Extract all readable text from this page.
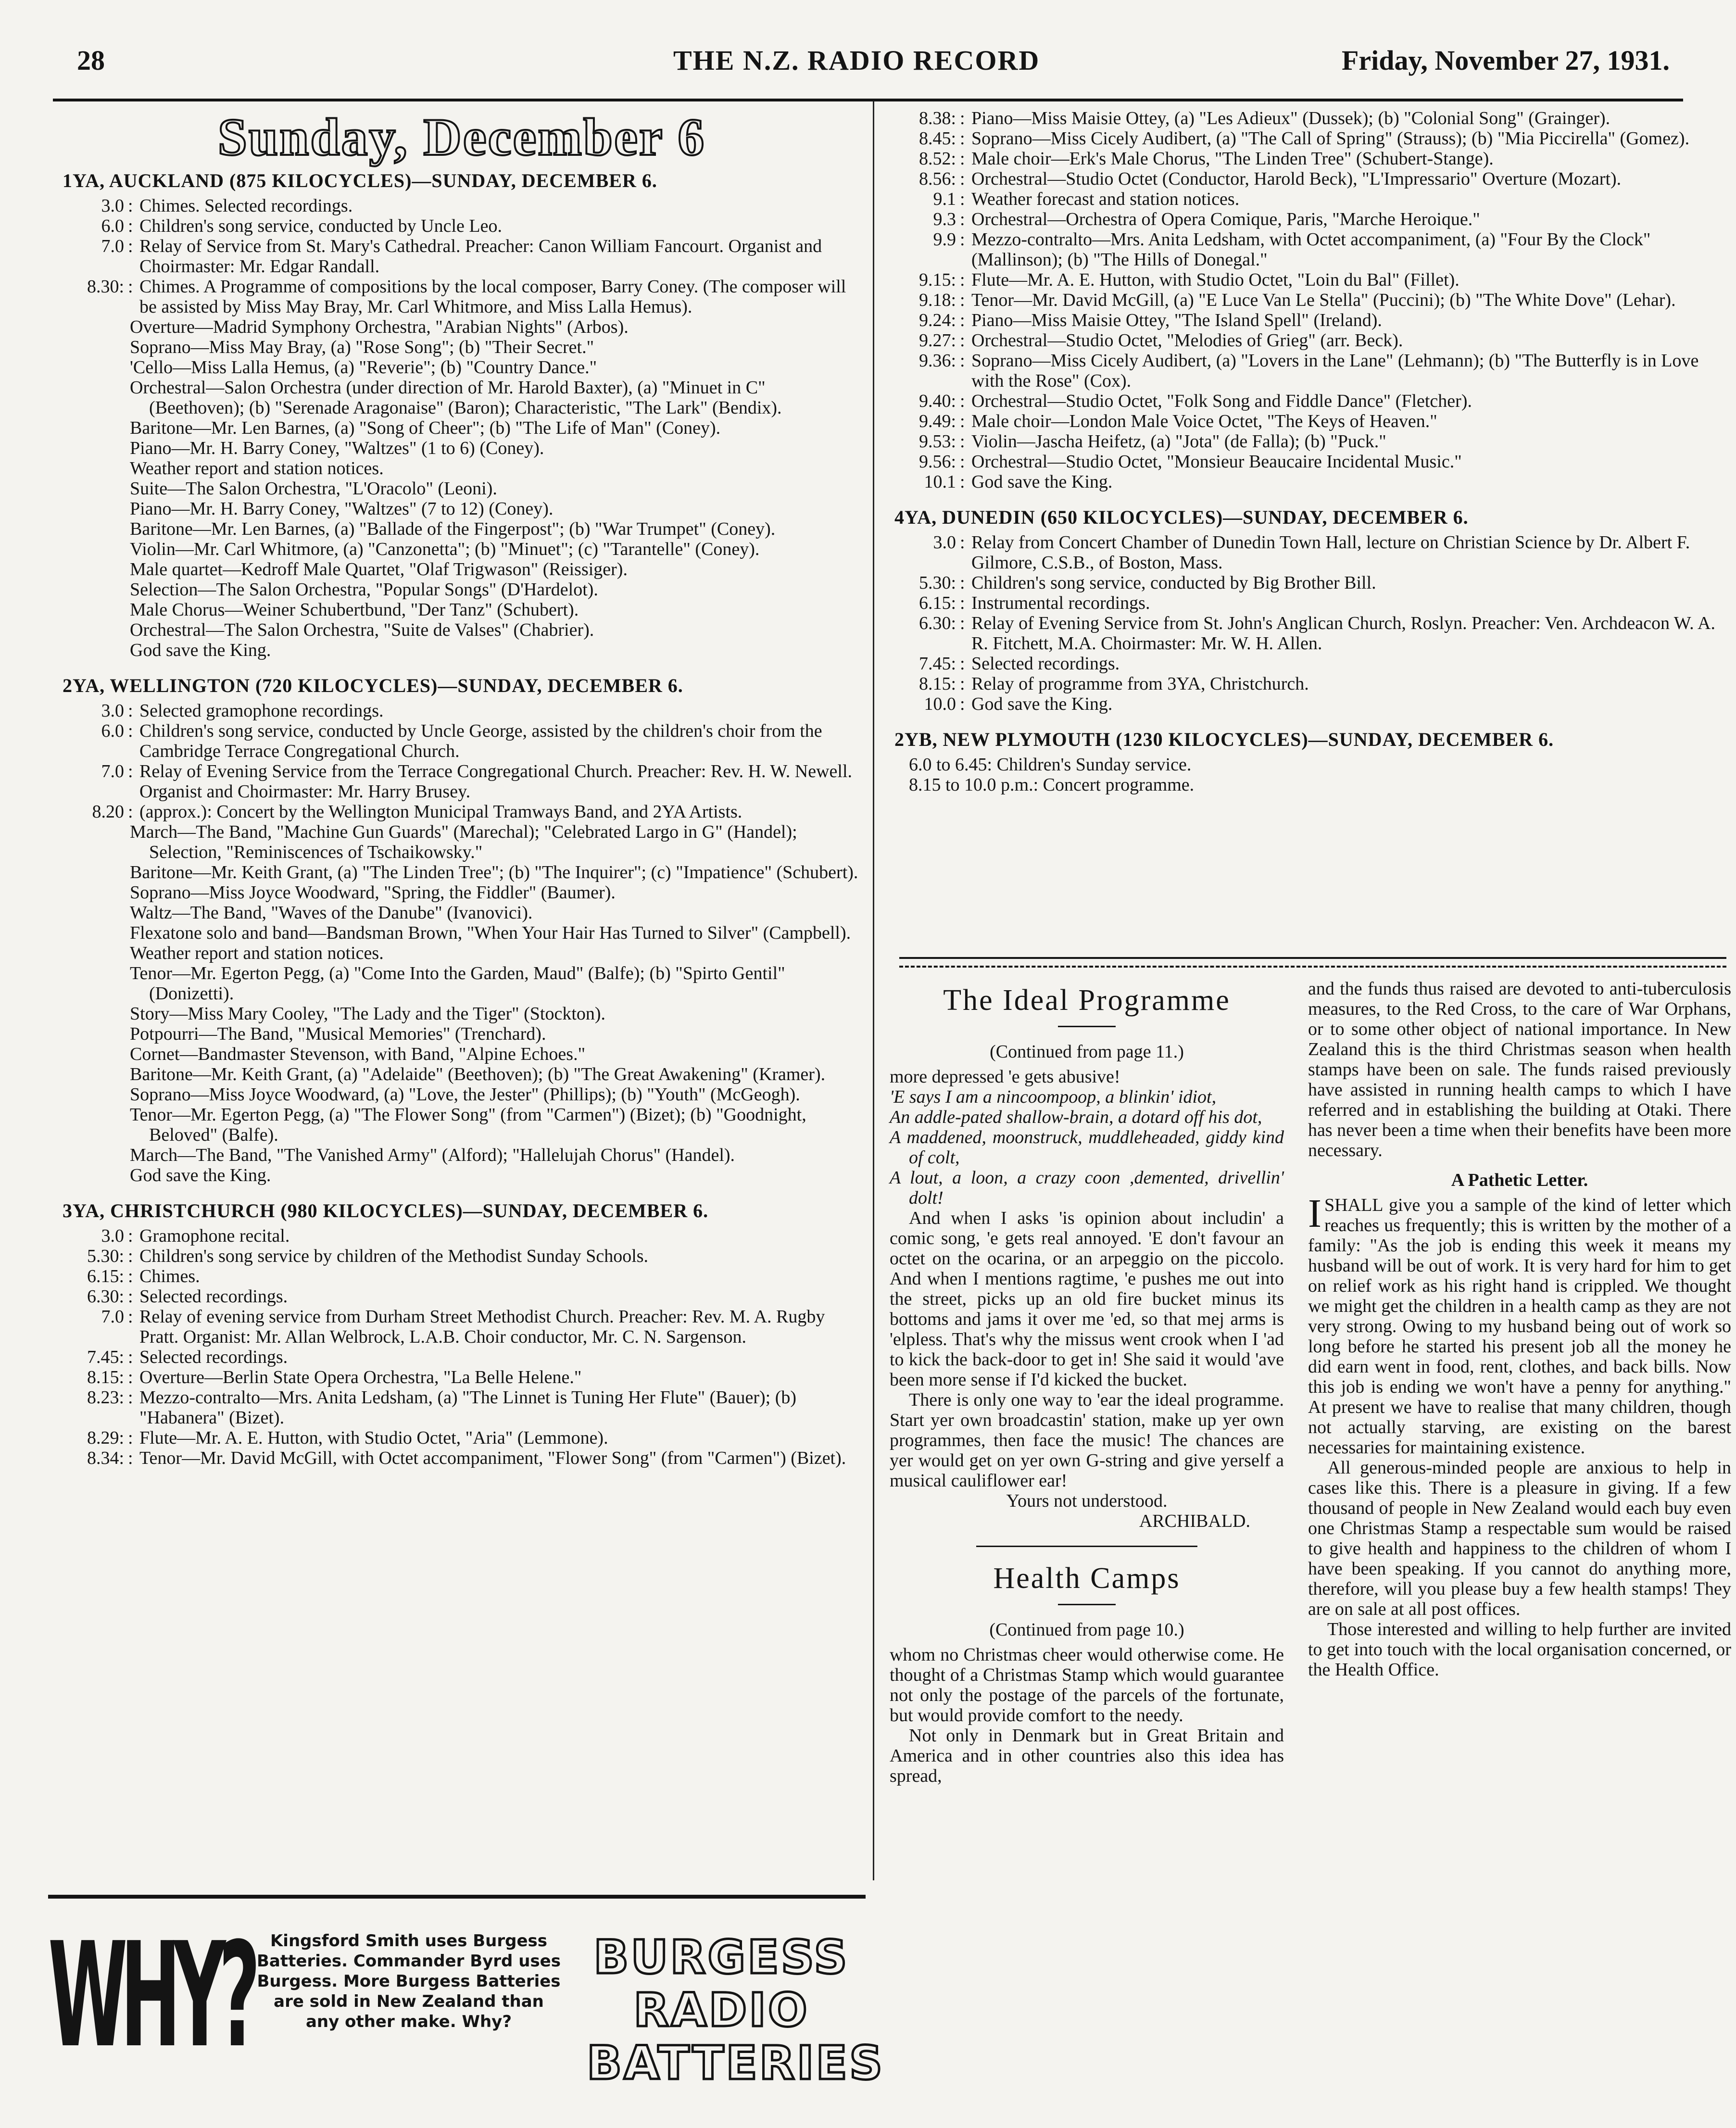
28	THE N.Z. RADIO RECORD	Friday, November 27, 1931.
Sunday, December 6
1YA, AUCKLAND (875 KILOCYCLES)—SUNDAY, DECEMBER 6.
3.0 : Chimes. Selected recordings.
6.0 : Children's song service, conducted by Uncle Leo.
7.0 : Relay of Service from St. Mary's Cathedral. Preacher: Canon William Fancourt. Organist and Choirmaster: Mr. Edgar Randall.
8.30: : Chimes. A Programme of compositions by the local composer, Barry Coney. (The composer will be assisted by Miss May Bray, Mr. Carl Whitmore, and Miss Lalla Hemus).
Overture—Madrid Symphony Orchestra, "Arabian Nights" (Arbos).
Soprano—Miss May Bray, (a) "Rose Song"; (b) "Their Secret."
'Cello—Miss Lalla Hemus, (a) "Reverie"; (b) "Country Dance."
Orchestral—Salon Orchestra (under direction of Mr. Harold Baxter), (a) "Minuet in C" (Beethoven); (b) "Serenade Aragonaise" (Baron); Characteristic, "The Lark" (Bendix).
Baritone—Mr. Len Barnes, (a) "Song of Cheer"; (b) "The Life of Man" (Coney).
Piano—Mr. H. Barry Coney, "Waltzes" (1 to 6) (Coney).
Weather report and station notices.
Suite—The Salon Orchestra, "L'Oracolo" (Leoni).
Piano—Mr. H. Barry Coney, "Waltzes" (7 to 12) (Coney).
Baritone—Mr. Len Barnes, (a) "Ballade of the Fingerpost"; (b) "War Trumpet" (Coney).
Violin—Mr. Carl Whitmore, (a) "Canzonetta"; (b) "Minuet"; (c) "Tarantelle" (Coney).
Male quartet—Kedroff Male Quartet, "Olaf Trigwason" (Reissiger).
Selection—The Salon Orchestra, "Popular Songs" (D'Hardelot).
Male Chorus—Weiner Schubertbund, "Der Tanz" (Schubert).
Orchestral—The Salon Orchestra, "Suite de Valses" (Chabrier).
God save the King.
2YA, WELLINGTON (720 KILOCYCLES)—SUNDAY, DECEMBER 6.
3.0 : Selected gramophone recordings.
6.0 : Children's song service, conducted by Uncle George, assisted by the children's choir from the Cambridge Terrace Congregational Church.
7.0 : Relay of Evening Service from the Terrace Congregational Church. Preacher: Rev. H. W. Newell. Organist and Choirmaster: Mr. Harry Brusey.
8.20 : (approx.): Concert by the Wellington Municipal Tramways Band, and 2YA Artists.
March—The Band, "Machine Gun Guards" (Marechal); "Celebrated Largo in G" (Handel); Selection, "Reminiscences of Tschaikowsky."
Baritone—Mr. Keith Grant, (a) "The Linden Tree"; (b) "The Inquirer"; (c) "Impatience" (Schubert).
Soprano—Miss Joyce Woodward, "Spring, the Fiddler" (Baumer).
Waltz—The Band, "Waves of the Danube" (Ivanovici).
Flexatone solo and band—Bandsman Brown, "When Your Hair Has Turned to Silver" (Campbell).
Weather report and station notices.
Tenor—Mr. Egerton Pegg, (a) "Come Into the Garden, Maud" (Balfe); (b) "Spirto Gentil" (Donizetti).
Story—Miss Mary Cooley, "The Lady and the Tiger" (Stockton).
Potpourri—The Band, "Musical Memories" (Trenchard).
Cornet—Bandmaster Stevenson, with Band, "Alpine Echoes."
Baritone—Mr. Keith Grant, (a) "Adelaide" (Beethoven); (b) "The Great Awakening" (Kramer).
Soprano—Miss Joyce Woodward, (a) "Love, the Jester" (Phillips); (b) "Youth" (McGeogh).
Tenor—Mr. Egerton Pegg, (a) "The Flower Song" (from "Carmen") (Bizet); (b) "Goodnight, Beloved" (Balfe).
March—The Band, "The Vanished Army" (Alford); "Hallelujah Chorus" (Handel).
God save the King.
3YA, CHRISTCHURCH (980 KILOCYCLES)—SUNDAY, DECEMBER 6.
3.0 : Gramophone recital.
5.30: : Children's song service by children of the Methodist Sunday Schools.
6.15: : Chimes.
6.30: : Selected recordings.
7.0 : Relay of evening service from Durham Street Methodist Church. Preacher: Rev. M. A. Rugby Pratt. Organist: Mr. Allan Welbrock, L.A.B. Choir conductor, Mr. C. N. Sargenson.
7.45: : Selected recordings.
8.15: : Overture—Berlin State Opera Orchestra, "La Belle Helene."
8.23: : Mezzo-contralto—Mrs. Anita Ledsham, (a) "The Linnet is Tuning Her Flute" (Bauer); (b) "Habanera" (Bizet).
8.29: : Flute—Mr. A. E. Hutton, with Studio Octet, "Aria" (Lemmone).
8.34: : Tenor—Mr. David McGill, with Octet accompaniment, "Flower Song" (from "Carmen") (Bizet).
8.38: : Piano—Miss Maisie Ottey, (a) "Les Adieux" (Dussek); (b) "Colonial Song" (Grainger).
8.45: : Soprano—Miss Cicely Audibert, (a) "The Call of Spring" (Strauss); (b) "Mia Piccirella" (Gomez).
8.52: : Male choir—Erk's Male Chorus, "The Linden Tree" (Schubert-Stange).
8.56: : Orchestral—Studio Octet (Conductor, Harold Beck), "L'Impressario" Overture (Mozart).
9.1 : Weather forecast and station notices.
9.3 : Orchestral—Orchestra of Opera Comique, Paris, "Marche Heroique."
9.9 : Mezzo-contralto—Mrs. Anita Ledsham, with Octet accompaniment, (a) "Four By the Clock" (Mallinson); (b) "The Hills of Donegal."
9.15: : Flute—Mr. A. E. Hutton, with Studio Octet, "Loin du Bal" (Fillet).
9.18: : Tenor—Mr. David McGill, (a) "E Luce Van Le Stella" (Puccini); (b) "The White Dove" (Lehar).
9.24: : Piano—Miss Maisie Ottey, "The Island Spell" (Ireland).
9.27: : Orchestral—Studio Octet, "Melodies of Grieg" (arr. Beck).
9.36: : Soprano—Miss Cicely Audibert, (a) "Lovers in the Lane" (Lehmann); (b) "The Butterfly is in Love with the Rose" (Cox).
9.40: : Orchestral—Studio Octet, "Folk Song and Fiddle Dance" (Fletcher).
9.49: : Male choir—London Male Voice Octet, "The Keys of Heaven."
9.53: : Violin—Jascha Heifetz, (a) "Jota" (de Falla); (b) "Puck."
9.56: : Orchestral—Studio Octet, "Monsieur Beaucaire Incidental Music."
10.1 : God save the King.
4YA, DUNEDIN (650 KILOCYCLES)—SUNDAY, DECEMBER 6.
3.0 : Relay from Concert Chamber of Dunedin Town Hall, lecture on Christian Science by Dr. Albert F. Gilmore, C.S.B., of Boston, Mass.
5.30: : Children's song service, conducted by Big Brother Bill.
6.15: : Instrumental recordings.
6.30: : Relay of Evening Service from St. John's Anglican Church, Roslyn. Preacher: Ven. Archdeacon W. A. R. Fitchett, M.A. Choirmaster: Mr. W. H. Allen.
7.45: : Selected recordings.
8.15: : Relay of programme from 3YA, Christchurch.
10.0 : God save the King.
2YB, NEW PLYMOUTH (1230 KILOCYCLES)—SUNDAY, DECEMBER 6.
6.0 to 6.45: Children's Sunday service.
8.15 to 10.0 p.m.: Concert programme.
The Ideal Programme
(Continued from page 11.)
more depressed 'e gets abusive!
'E says I am a nincoompoop, a blinkin' idiot,
An addle-pated shallow-brain, a dotard off his dot,
A maddened, moonstruck, muddleheaded, giddy kind of colt,
A lout, a loon, a crazy coon ,demented, drivellin' dolt!
And when I asks 'is opinion about includin' a comic song, 'e gets real annoyed. 'E don't favour an octet on the ocarina, or an arpeggio on the piccolo. And when I mentions ragtime, 'e pushes me out into the street, picks up an old fire bucket minus its bottoms and jams it over me 'ed, so that mej arms is 'elpless. That's why the missus went crook when I 'ad to kick the back-door to get in! She said it would 'ave been more sense if I'd kicked the bucket.
There is only one way to 'ear the ideal programme. Start yer own broadcastin' station, make up yer own programmes, then face the music! The chances are yer would get on yer own G-string and give yerself a musical cauliflower ear!
Yours not understood.
ARCHIBALD.
Health Camps
(Continued from page 10.)
whom no Christmas cheer would otherwise come. He thought of a Christmas Stamp which would guarantee not only the postage of the parcels of the fortunate, but would provide comfort to the needy.
Not only in Denmark but in Great Britain and America and in other countries also this idea has spread,
and the funds thus raised are devoted to anti-tuberculosis measures, to the Red Cross, to the care of War Orphans, or to some other object of national importance. In New Zealand this is the third Christmas season when health stamps have been on sale. The funds raised previously have assisted in running health camps to which I have referred and in establishing the building at Otaki. There has never been a time when their benefits have been more necessary.
A Pathetic Letter.
ISHALL give you a sample of the kind of letter which reaches us frequently; this is written by the mother of a family: "As the job is ending this week it means my husband will be out of work. It is very hard for him to get on relief work as his right hand is crippled. We thought we might get the children in a health camp as they are not very strong. Owing to my husband being out of work so long before he started his present job all the money he did earn went in food, rent, clothes, and back bills. Now this job is ending we won't have a penny for anything." At present we have to realise that many children, though not actually starving, are existing on the barest necessaries for maintaining existence.
All generous-minded people are anxious to help in cases like this. There is a pleasure in giving. If a few thousand of people in New Zealand would each buy even one Christmas Stamp a respectable sum would be raised to give health and happiness to the children of whom I have been speaking. If you cannot do anything more, therefore, will you please buy a few health stamps! They are on sale at all post offices.
Those interested and willing to help further are invited to get into touch with the local organisation concerned, or the Health Office.
WHY?	Kingsford Smith uses Burgess Batteries. Commander Byrd uses Burgess. More Burgess Batteries are sold in New Zealand than any other make. Why?
BURGESS
RADIO
BATTERIES
